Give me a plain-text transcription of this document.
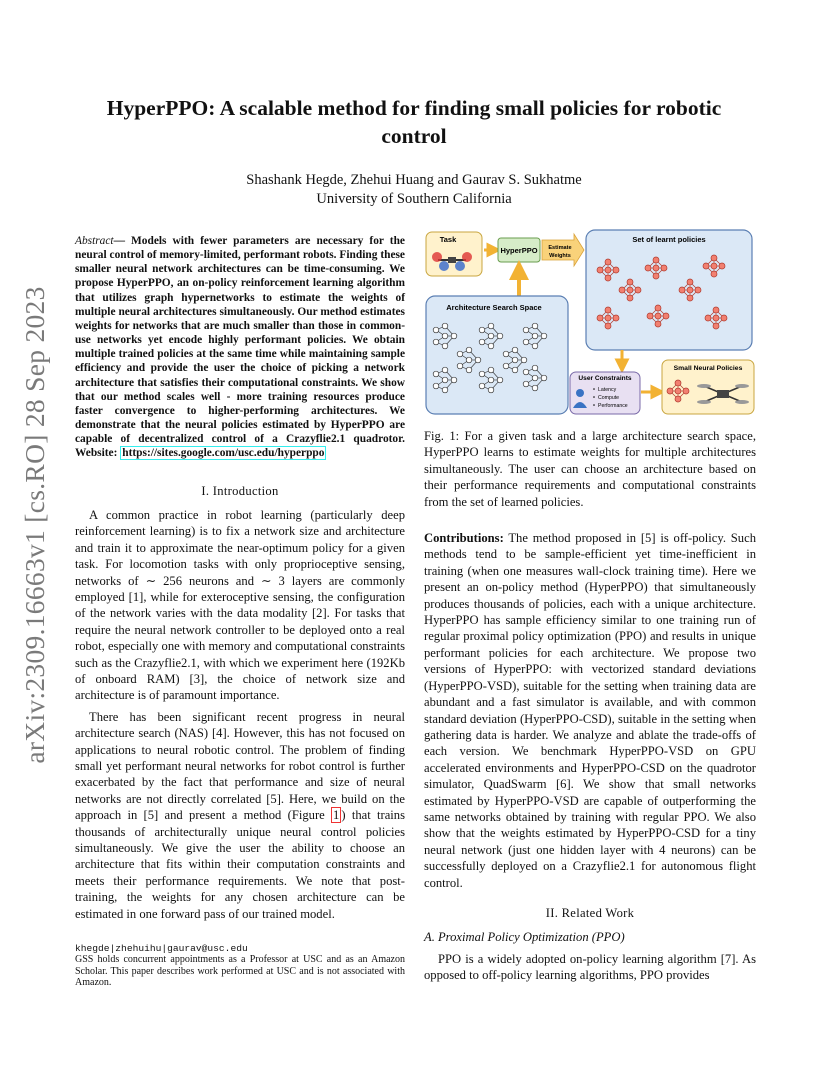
arXiv:2309.16663v1 [cs.RO] 28 Sep 2023
HyperPPO: A scalable method for finding small policies for robotic control
Shashank Hegde, Zhehui Huang and Gaurav S. Sukhatme
University of Southern California

Abstract— Models with fewer parameters are necessary for the neural control of memory-limited, performant robots. Finding these smaller neural network architectures can be time-consuming. We propose HyperPPO, an on-policy reinforcement learning algorithm that utilizes graph hypernetworks to estimate the weights of multiple neural architectures simultaneously. Our method estimates weights for networks that are much smaller than those in common-use networks yet encode highly performant policies. We obtain multiple trained policies at the same time while maintaining sample efficiency and provide the user the choice of picking a network architecture that satisfies their computational constraints. We show that our method scales well - more training resources produce faster convergence to higher-performing architectures. We demonstrate that the neural policies estimated by HyperPPO are capable of decentralized control of a Crazyflie2.1 quadrotor. Website: https://sites.google.com/usc.edu/hyperppo

I. Introduction

A common practice in robot learning (particularly deep reinforcement learning) is to fix a network size and architecture and train it to approximate the near-optimum policy for a given task. For locomotion tasks with only proprioceptive sensing, networks of ∼ 256 neurons and ∼ 3 layers are commonly employed [1], while for exteroceptive sensing, the configuration of the network varies with the data modality [2]. For tasks that require the neural network controller to be deployed onto a real robot, especially one with memory and computational constraints such as the Crazyflie2.1, with which we experiment here (192Kb of onboard RAM) [3], the choice of network size and architecture is of paramount importance.

There has been significant recent progress in neural architecture search (NAS) [4]. However, this has not focused on applications to neural robotic control. The problem of finding small yet performant neural networks for robot control is further exacerbated by the fact that performance and size of neural networks are not directly correlated [5]. Here, we build on the approach in [5] and present a method (Figure 1 ) that trains thousands of architecturally unique neural control policies simultaneously. We give the user the ability to choose an architecture that fits within their computation constraints and meets their performance requirements. We note that post-training, the weights for any chosen architecture can be estimated in one forward pass of our trained model.

khegde|zhehuihu|gaurav@usc.edu
GSS holds concurrent appointments as a Professor at USC and as an Amazon Scholar. This paper describes work performed at USC and is not associated with Amazon.
Task
HyperPPO Estimate
Weights
Set of learnt policies
Architecture Search Space
User Constraints
Latency
Compute
Performance
Small Neural Policies

Fig. 1: For a given task and a large architecture search space, HyperPPO learns to estimate weights for multiple architectures simultaneously. The user can choose an architecture based on their performance requirements and computational constraints from the set of learned policies.

Contributions: The method proposed in [5] is off-policy. Such methods tend to be sample-efficient yet time-inefficient in training (when one measures wall-clock training time). Here we present an on-policy method (HyperPPO) that simultaneously produces thousands of policies, each with a unique architecture. HyperPPO has sample efficiency similar to one training run of regular proximal policy optimization (PPO) and results in unique performant policies for each architecture. We propose two versions of HyperPPO: with vectorized standard deviations (HyperPPO-VSD), suitable for the setting when training data are abundant and a fast simulator is available, and with common standard deviation (HyperPPO-CSD), suitable in the setting when gathering data is harder. We analyze and ablate the trade-offs of each version. We benchmark HyperPPO-VSD on GPU accelerated environments and HyperPPO-CSD on the quadrotor simulator, QuadSwarm [6]. We show that small networks estimated by HyperPPO-VSD are capable of outperforming the same networks obtained by training with regular PPO. We also show that the weights estimated by HyperPPO-CSD for a tiny neural network (just one hidden layer with 4 neurons) can be successfully deployed on a Crazyflie2.1 for autonomous flight control.

II. Related Work
A. Proximal Policy Optimization (PPO)

PPO is a widely adopted on-policy learning algorithm [7]. As opposed to off-policy learning algorithms, PPO provides
